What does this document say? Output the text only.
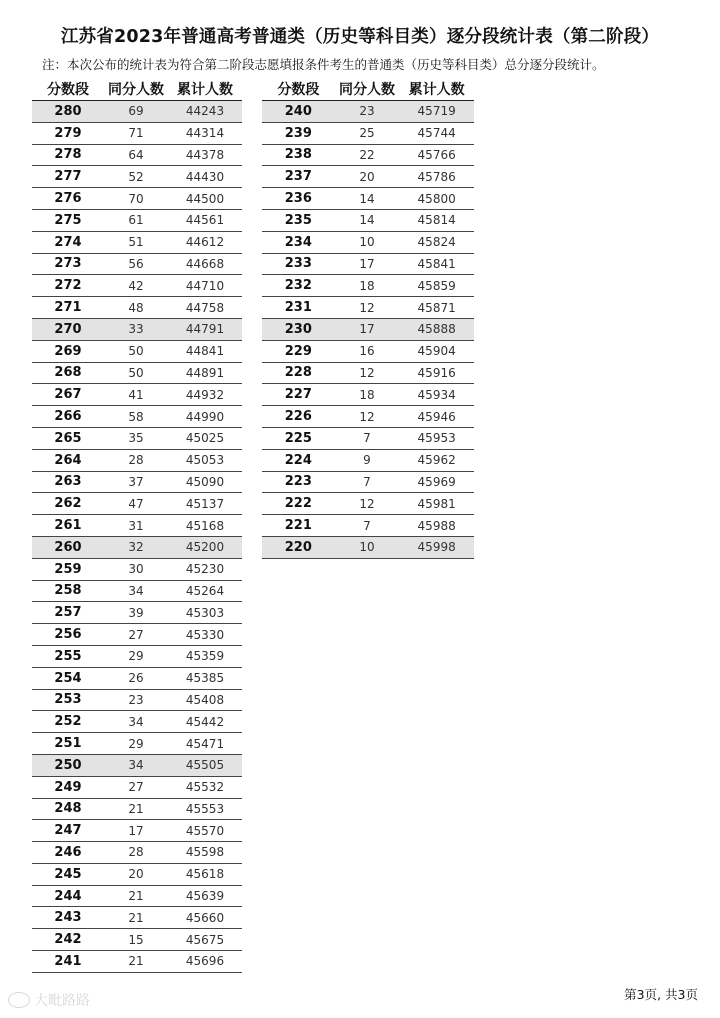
江苏省2023年普通高考普通类（历史等科目类）逐分段统计表（第二阶段）
注：本次公布的统计表为符合第二阶段志愿填报条件考生的普通类（历史等科目类）总分逐分段统计。
分数段	同分人数	累计人数
280	69	44243
279	71	44314
278	64	44378
277	52	44430
276	70	44500
275	61	44561
274	51	44612
273	56	44668
272	42	44710
271	48	44758
270	33	44791
269	50	44841
268	50	44891
267	41	44932
266	58	44990
265	35	45025
264	28	45053
263	37	45090
262	47	45137
261	31	45168
260	32	45200
259	30	45230
258	34	45264
257	39	45303
256	27	45330
255	29	45359
254	26	45385
253	23	45408
252	34	45442
251	29	45471
250	34	45505
249	27	45532
248	21	45553
247	17	45570
246	28	45598
245	20	45618
244	21	45639
243	21	45660
242	15	45675
241	21	45696
分数段	同分人数	累计人数
240	23	45719
239	25	45744
238	22	45766
237	20	45786
236	14	45800
235	14	45814
234	10	45824
233	17	45841
232	18	45859
231	12	45871
230	17	45888
229	16	45904
228	12	45916
227	18	45934
226	12	45946
225	7	45953
224	9	45962
223	7	45969
222	12	45981
221	7	45988
220	10	45998
第3页, 共3页
大毗路路
